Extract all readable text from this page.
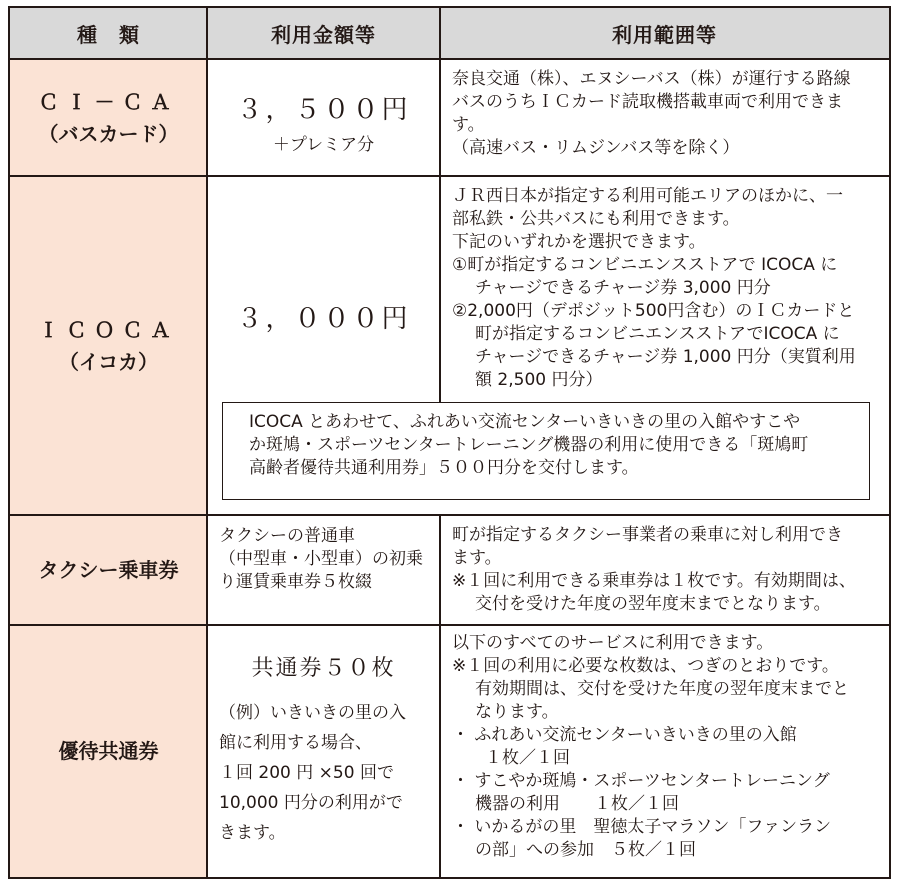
種　類	利用金額等	利用範囲等
ＣＩ－ＣＡ
（バスカード）
３，５００円
＋プレミア分

奈良交通（株）、エヌシーバス（株）が運行する路線

バスのうちＩＣカード読取機搭載車両で利用できま

す。

（高速バス・リムジンバス等を除く）

ＩＣＯＣＡ
（イコカ）
３，０００円

ＪＲ西日本が指定する利用可能エリアのほかに、一

部私鉄・公共バスにも利用できます。

下記のいずれかを選択できます。

①町が指定するコンビニエンスストアで ICOCA に

チャージできるチャージ券 3,000 円分

②2,000円（デポジット500円含む）のＩＣカードと

町が指定するコンビニエンスストアでICOCA に

チャージできるチャージ券 1,000 円分（実質利用

額 2,500 円分）

タクシー乗車券
タクシーの普通車
（中型車・小型車）の初乗
り運賃乗車券５枚綴

町が指定するタクシー事業者の乗車に対し利用でき

ます。

※１回に利用できる乗車券は１枚です。有効期間は、

交付を受けた年度の翌年度末までとなります。

優待共通券
共通券５０枚
（例）いきいきの里の入
館に利用する場合、
１回 200 円 ×50 回で
10,000 円分の利用がで
きます。

以下のすべてのサービスに利用できます。

※１回の利用に必要な枚数は、つぎのとおりです。

有効期間は、交付を受けた年度の翌年度末までと

なります。

・ ふれあい交流センターいきいきの里の入館

１枚／１回

・ すこやか斑鳩・スポーツセンタートレーニング

機器の利用　　１枚／１回

・ いかるがの里　聖徳太子マラソン「ファンラン

の部」への参加　５枚／１回

ICOCA とあわせて、ふれあい交流センターいきいきの里の入館やすこや
か斑鳩・スポーツセンタートレーニング機器の利用に使用できる「斑鳩町
高齢者優待共通利用券」５００円分を交付します。
